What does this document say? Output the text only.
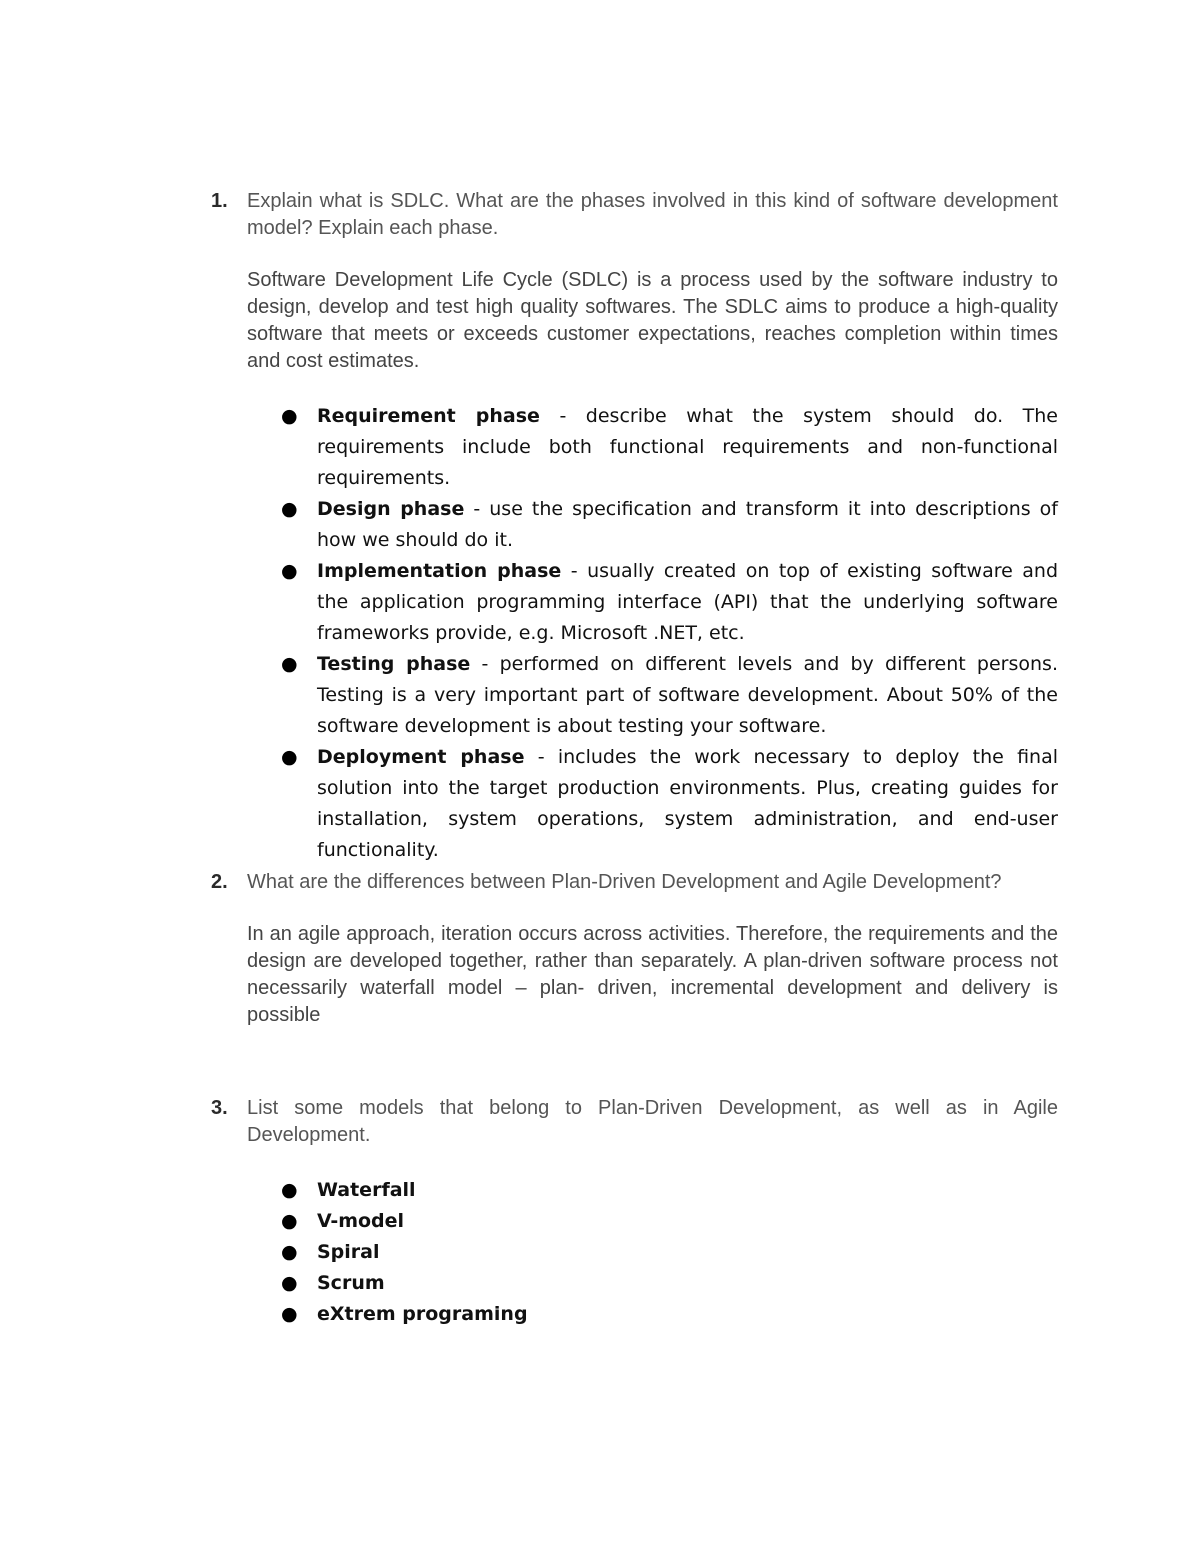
1. Explain what is SDLC. What are the phases involved in this kind of software development model? Explain each phase.
Software Development Life Cycle (SDLC) is a process used by the software industry to design, develop and test high quality softwares. The SDLC aims to produce a high-quality software that meets or exceeds customer expectations, reaches completion within times and cost estimates.
● Requirement phase - describe what the system should do. The requirements include both functional requirements and non-functional requirements.
● Design phase - use the specification and transform it into descriptions of how we should do it.
● Implementation phase - usually created on top of existing software and the application programming interface (API) that the underlying software frameworks provide, e.g. Microsoft .NET, etc.
● Testing phase - performed on different levels and by different persons. Testing is a very important part of software development. About 50% of the software development is about testing your software.
● Deployment phase - includes the work necessary to deploy the final solution into the target production environments. Plus, creating guides for installation, system operations, system administration, and end-user functionality.
2. What are the differences between Plan-Driven Development and Agile Development?
In an agile approach, iteration occurs across activities. Therefore, the requirements and the design are developed together, rather than separately. A plan-driven software process not necessarily waterfall model – plan- driven, incremental development and delivery is possible
3. List some models that belong to Plan-Driven Development, as well as in Agile Development.
● Waterfall
● V-model
● Spiral
● Scrum
● eXtrem programing
